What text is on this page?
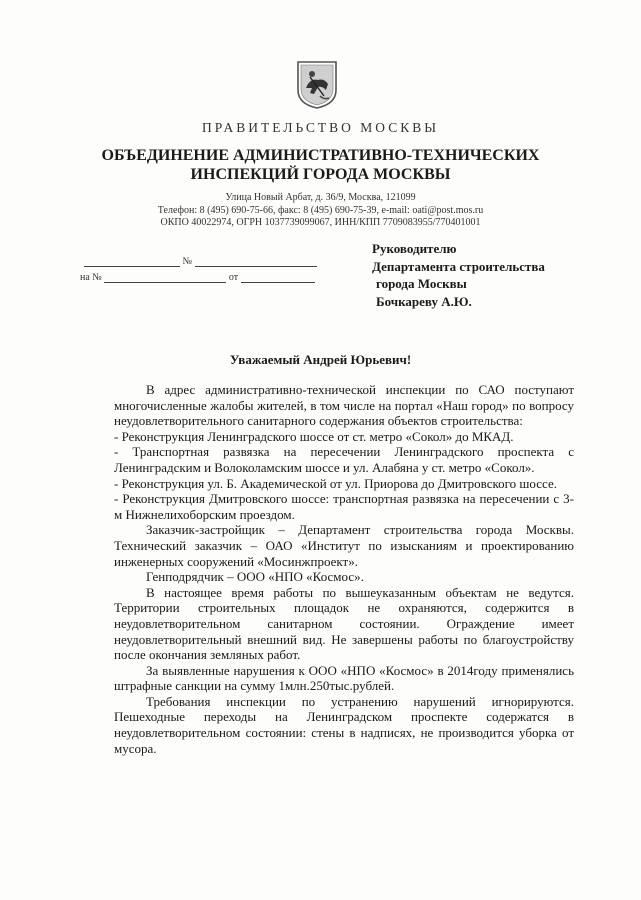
ПРАВИТЕЛЬСТВО МОСКВЫ
ОБЪЕДИНЕНИЕ АДМИНИСТРАТИВНО-ТЕХНИЧЕСКИХ
ИНСПЕКЦИЙ ГОРОДА МОСКВЫ
Улица Новый Арбат, д. 36/9, Москва, 121099
Телефон: 8 (495) 690-75-66, факс: 8 (495) 690-75-39, e-mail: oati@post.mos.ru
ОКПО 40022974, ОГРН 1037739099067, ИНН/КПП 7709083955/770401001
№
на №	от
Руководителю
Департамента строительства
города Москвы
Бочкареву А.Ю.
Уважаемый Андрей Юрьевич!

В адрес административно-технической инспекции по САО поступают многочисленные жалобы жителей, в том числе на портал «Наш город» по вопросу неудовлетворительного санитарного содержания объектов строительства:

- Реконструкция Ленинградского шоссе от ст. метро «Сокол» до МКАД.

- Транспортная развязка на пересечении Ленинградского проспекта с Ленинградским и Волоколамским шоссе и ул. Алабяна у ст. метро «Сокол».

- Реконструкция ул. Б. Академической от ул. Приорова до Дмитровского шоссе.

- Реконструкция Дмитровского шоссе: транспортная развязка на пересечении с 3-м Нижнелихоборским проездом.

Заказчик-застройщик – Департамент строительства города Москвы. Технический заказчик – ОАО «Институт по изысканиям и проектированию инженерных сооружений «Мосинжпроект».

Генподрядчик – ООО «НПО «Космос».

В настоящее время работы по вышеуказанным объектам не ведутся. Территории строительных площадок не охраняются, содержится в неудовлетворительном санитарном состоянии. Ограждение имеет неудовлетворительный внешний вид. Не завершены работы по благоустройству после окончания земляных работ.

За выявленные нарушения к ООО «НПО «Космос» в 2014году применялись штрафные санкции на сумму 1млн.250тыс.рублей.

Требования инспекции по устранению нарушений игнорируются. Пешеходные переходы на Ленинградском проспекте содержатся в неудовлетворительном состоянии: стены в надписях, не производится уборка от мусора.
